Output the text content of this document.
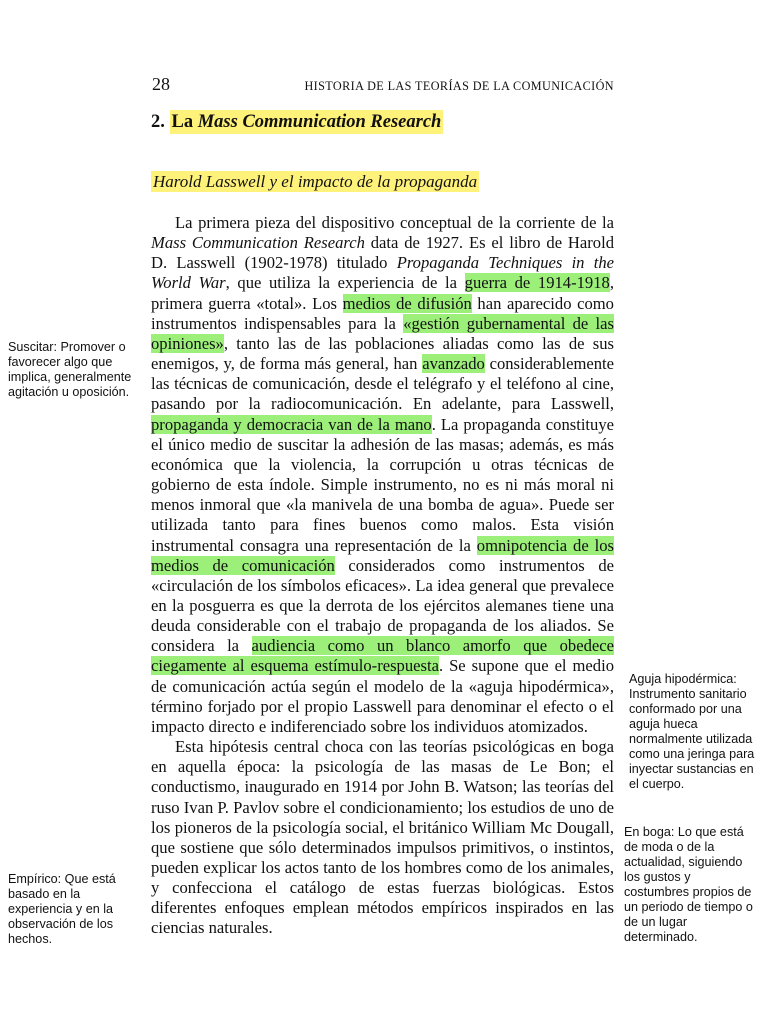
28	HISTORIA DE LAS TEORÍAS DE LA COMUNICACIÓN
2. La Mass Communication Research
Harold Lasswell y el impacto de la propaganda

La primera pieza del dispositivo conceptual de la corriente de la Mass Communication Research data de 1927. Es el libro de Harold D. Lasswell (1902-1978) titulado Propaganda Techniques in the World War, que utiliza la experiencia de la guerra de 1914-1918, primera guerra «total». Los medios de difusión han aparecido como instrumentos indispensables para la «gestión gubernamental de las opiniones», tanto las de las poblaciones aliadas como las de sus enemigos, y, de forma más general, han avanzado considerablemente las técnicas de comunicación, desde el telégrafo y el teléfono al cine, pasando por la radiocomunicación. En adelante, para Lasswell, propaganda y democracia van de la mano. La propaganda constituye el único medio de suscitar la adhesión de las masas; además, es más económica que la violencia, la corrupción u otras técnicas de gobierno de esta índole. Simple instrumento, no es ni más moral ni menos inmoral que «la manivela de una bomba de agua». Puede ser utilizada tanto para fines buenos como malos. Esta visión instrumental consagra una representación de la omnipotencia de los medios de comunicación considerados como instrumentos de «circulación de los símbolos eficaces». La idea general que prevalece en la posguerra es que la derrota de los ejércitos alemanes tiene una deuda considerable con el trabajo de propaganda de los aliados. Se considera la audiencia como un blanco amorfo que obedece ciegamente al esquema estímulo-respuesta. Se supone que el medio de comunicación actúa según el modelo de la «aguja hipodérmica», término forjado por el propio Lasswell para denominar el efecto o el impacto directo e indiferenciado sobre los individuos atomizados.

Esta hipótesis central choca con las teorías psicológicas en boga en aquella época: la psicología de las masas de Le Bon; el conductismo, inaugurado en 1914 por John B. Watson; las teorías del ruso Ivan P. Pavlov sobre el condicionamiento; los estudios de uno de los pioneros de la psicología social, el británico William Mc Dougall, que sostiene que sólo determinados impulsos primitivos, o instintos, pueden explicar los actos tanto de los hombres como de los animales, y confecciona el catálogo de estas fuerzas biológicas. Estos diferentes enfoques emplean métodos empíricos inspirados en las ciencias naturales.

Suscitar: Promover o favorecer algo que implica, generalmente agitación u oposición.
Empírico: Que está basado en la experiencia y en la observación de los hechos.
Aguja hipodérmica: Instrumento sanitario conformado por una aguja hueca normalmente utilizada como una jeringa para inyectar sustancias en el cuerpo.
En boga: Lo que está de moda o de la actualidad, siguiendo los gustos y costumbres propios de un periodo de tiempo o de un lugar determinado.
